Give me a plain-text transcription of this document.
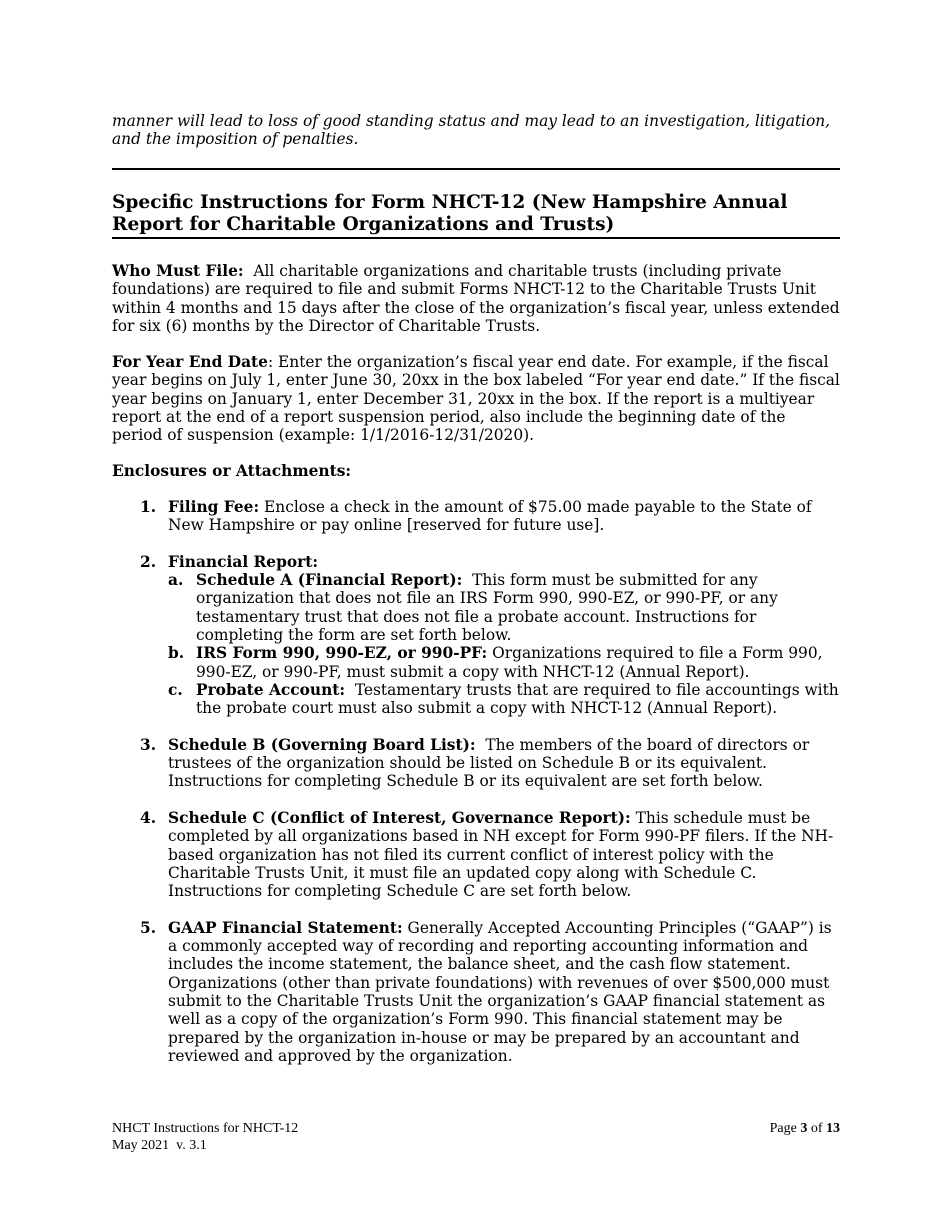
manner will lead to loss of good standing status and may lead to an investigation, litigation, and the imposition of penalties.

Specific Instructions for Form NHCT-12 (New Hampshire Annual Report for Charitable Organizations and Trusts)

Who Must File: All charitable organizations and charitable trusts (including private foundations) are required to file and submit Forms NHCT-12 to the Charitable Trusts Unit within 4 months and 15 days after the close of the organization’s fiscal year, unless extended for six (6) months by the Director of Charitable Trusts.

For Year End Date: Enter the organization’s fiscal year end date. For example, if the fiscal year begins on July 1, enter June 30, 20xx in the box labeled “For year end date.” If the fiscal year begins on January 1, enter December 31, 20xx in the box. If the report is a multiyear report at the end of a report suspension period, also include the beginning date of the period of suspension (example: 1/1/2016-12/31/2020).

Enclosures or Attachments:

1. Filing Fee: Enclose a check in the amount of $75.00 made payable to the State of New Hampshire or pay online [reserved for future use].
2. Financial Report:
a. Schedule A (Financial Report): This form must be submitted for any organization that does not file an IRS Form 990, 990-EZ, or 990-PF, or any testamentary trust that does not file a probate account. Instructions for completing the form are set forth below.
b. IRS Form 990, 990-EZ, or 990-PF: Organizations required to file a Form 990, 990-EZ, or 990-PF, must submit a copy with NHCT-12 (Annual Report).
c. Probate Account: Testamentary trusts that are required to file accountings with the probate court must also submit a copy with NHCT-12 (Annual Report).
3. Schedule B (Governing Board List): The members of the board of directors or trustees of the organization should be listed on Schedule B or its equivalent. Instructions for completing Schedule B or its equivalent are set forth below.
4. Schedule C (Conflict of Interest, Governance Report): This schedule must be completed by all organizations based in NH except for Form 990-PF filers. If the NH-based organization has not filed its current conflict of interest policy with the Charitable Trusts Unit, it must file an updated copy along with Schedule C. Instructions for completing Schedule C are set forth below.
5. GAAP Financial Statement: Generally Accepted Accounting Principles (“GAAP”) is a commonly accepted way of recording and reporting accounting information and includes the income statement, the balance sheet, and the cash flow statement. Organizations (other than private foundations) with revenues of over $500,000 must submit to the Charitable Trusts Unit the organization’s GAAP financial statement as well as a copy of the organization’s Form 990. This financial statement may be prepared by the organization in-house or may be prepared by an accountant and reviewed and approved by the organization.
NHCT Instructions for NHCT-12
May 2021  v. 3.1
Page 3 of 13
